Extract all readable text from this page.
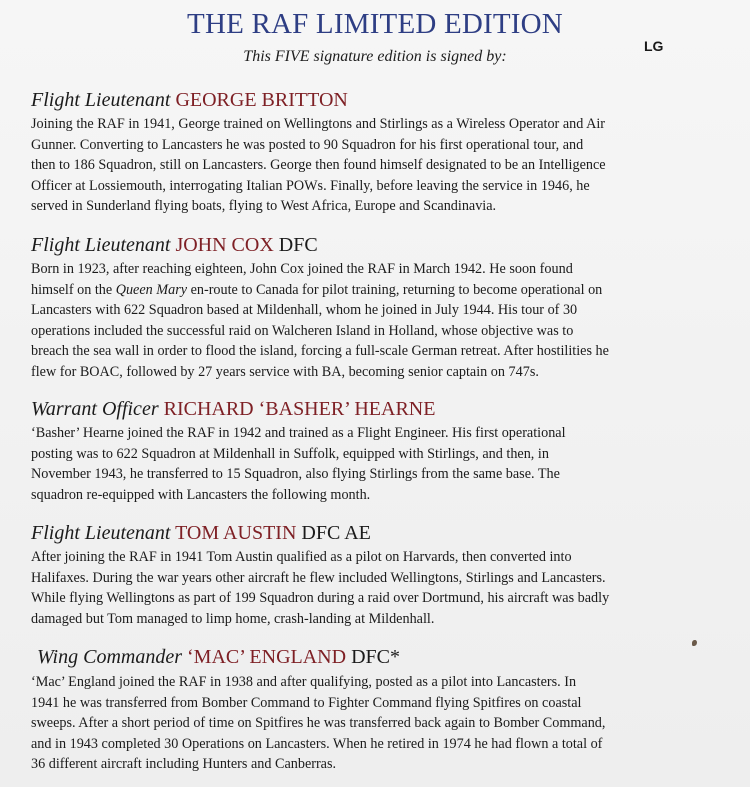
THE RAF LIMITED EDITION
This FIVE signature edition is signed by:
LG
Flight Lieutenant GEORGE BRITTON
Joining the RAF in 1941, George trained on Wellingtons and Stirlings as a Wireless Operator and Air
Gunner. Converting to Lancasters he was posted to 90 Squadron for his first operational tour, and
then to 186 Squadron, still on Lancasters. George then found himself designated to be an Intelligence
Officer at Lossiemouth, interrogating Italian POWs. Finally, before leaving the service in 1946, he
served in Sunderland flying boats, flying to West Africa, Europe and Scandinavia.
Flight Lieutenant JOHN COX DFC
Born in 1923, after reaching eighteen, John Cox joined the RAF in March 1942. He soon found
himself on the Queen Mary en-route to Canada for pilot training, returning to become operational on
Lancasters with 622 Squadron based at Mildenhall, whom he joined in July 1944. His tour of 30
operations included the successful raid on Walcheren Island in Holland, whose objective was to
breach the sea wall in order to flood the island, forcing a full-scale German retreat. After hostilities he
flew for BOAC, followed by 27 years service with BA, becoming senior captain on 747s.
Warrant Officer RICHARD ‘BASHER’ HEARNE
‘Basher’ Hearne joined the RAF in 1942 and trained as a Flight Engineer. His first operational
posting was to 622 Squadron at Mildenhall in Suffolk, equipped with Stirlings, and then, in
November 1943, he transferred to 15 Squadron, also flying Stirlings from the same base. The
squadron re-equipped with Lancasters the following month.
Flight Lieutenant TOM AUSTIN DFC AE
After joining the RAF in 1941 Tom Austin qualified as a pilot on Harvards, then converted into
Halifaxes. During the war years other aircraft he flew included Wellingtons, Stirlings and Lancasters.
While flying Wellingtons as part of 199 Squadron during a raid over Dortmund, his aircraft was badly
damaged but Tom managed to limp home, crash-landing at Mildenhall.
Wing Commander ‘MAC’ ENGLAND DFC*
‘Mac’ England joined the RAF in 1938 and after qualifying, posted as a pilot into Lancasters. In
1941 he was transferred from Bomber Command to Fighter Command flying Spitfires on coastal
sweeps. After a short period of time on Spitfires he was transferred back again to Bomber Command,
and in 1943 completed 30 Operations on Lancasters. When he retired in 1974 he had flown a total of
36 different aircraft including Hunters and Canberras.
